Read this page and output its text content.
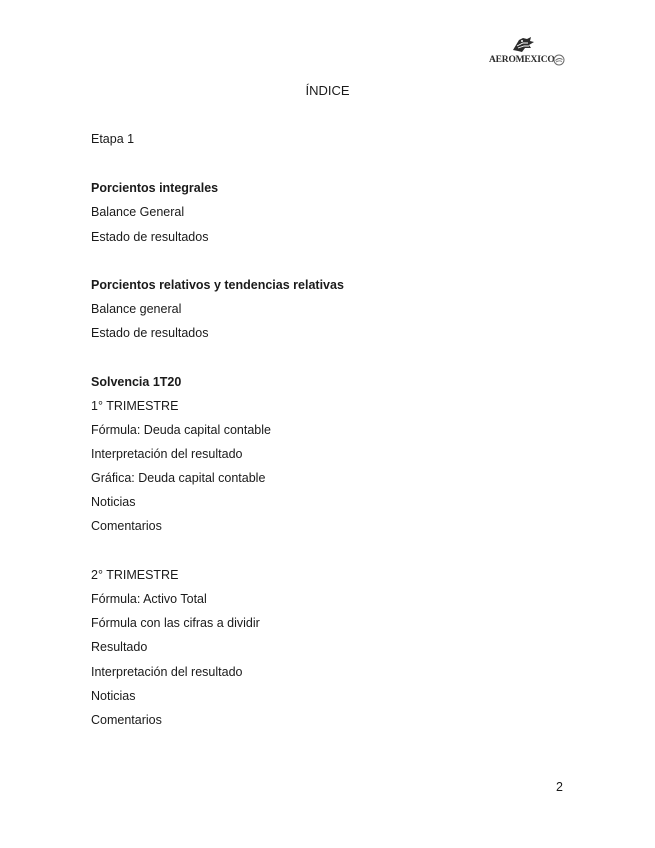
AEROMEXICO
ÍNDICE
Etapa 1
Porcientos integrales
Balance General
Estado de resultados
Porcientos relativos y tendencias relativas
Balance general
Estado de resultados
Solvencia 1T20
1° TRIMESTRE
Fórmula: Deuda capital contable
Interpretación del resultado
Gráfica: Deuda capital contable
Noticias
Comentarios
2° TRIMESTRE
Fórmula: Activo Total
Fórmula con las cifras a dividir
Resultado
Interpretación del resultado
Noticias
Comentarios
2
